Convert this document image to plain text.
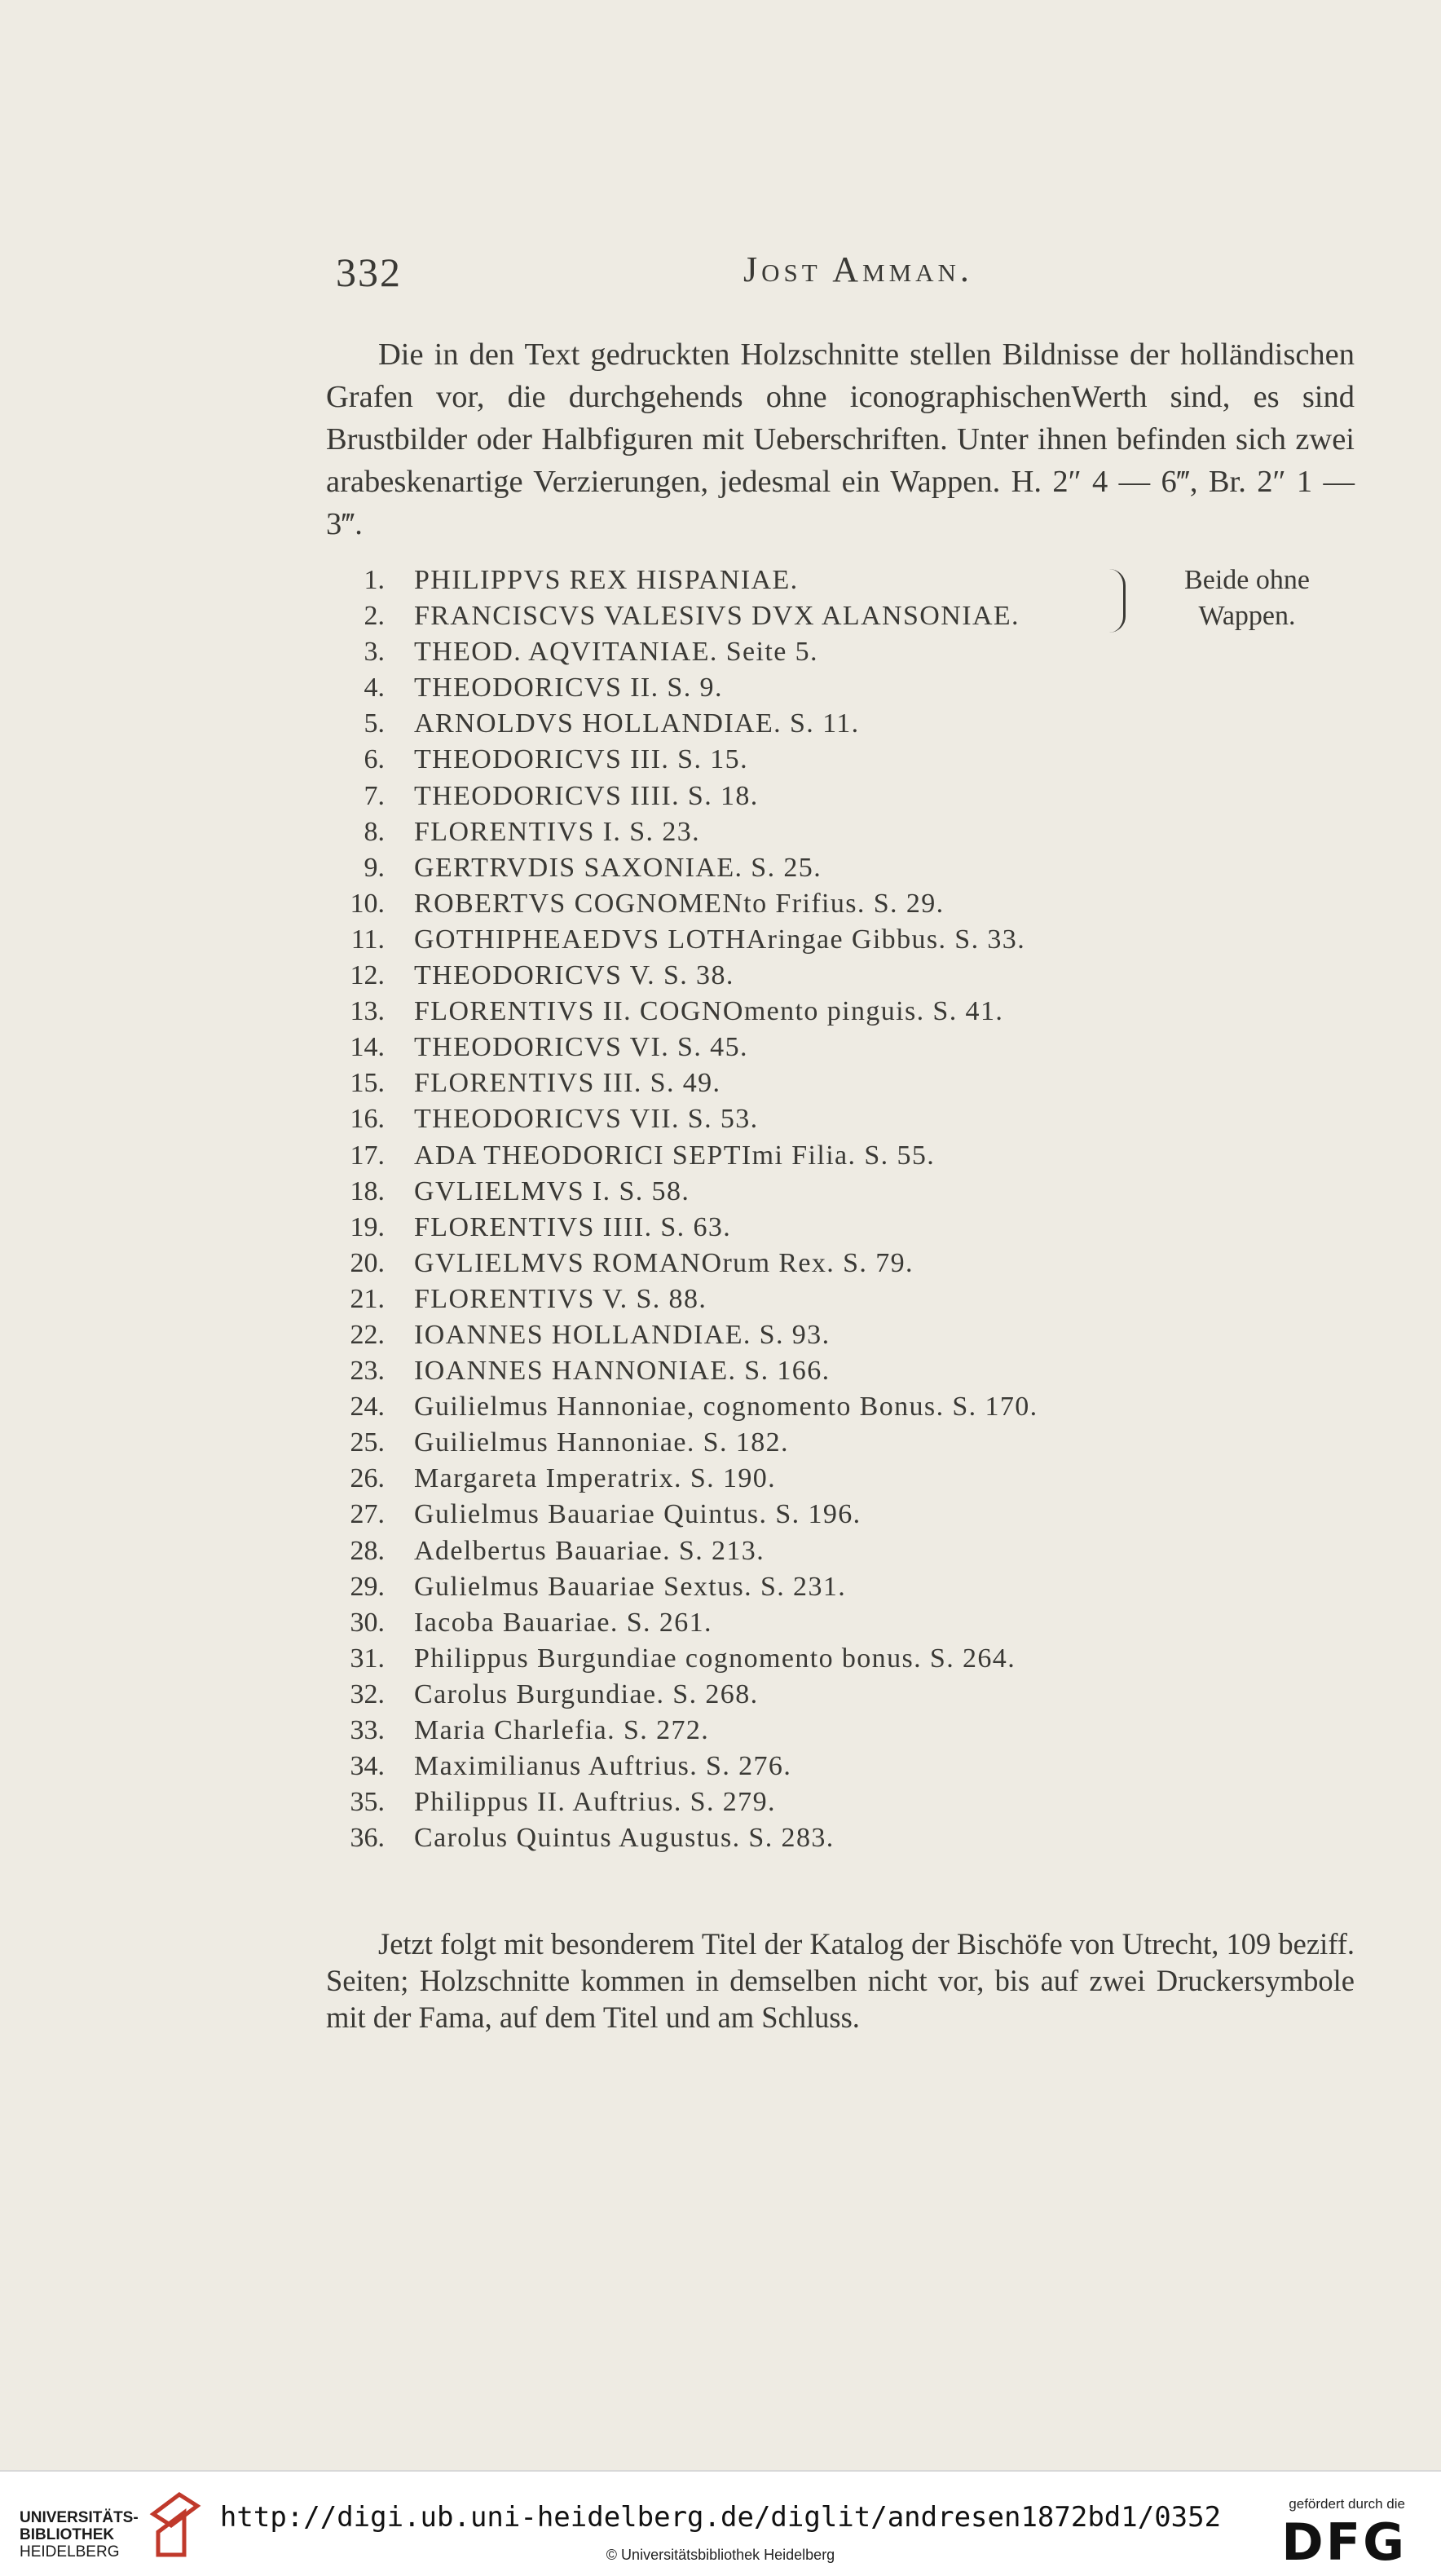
332	Jost Amman.

Die in den Text gedruckten Holzschnitte stellen Bildnisse der holländischen Grafen vor, die durchgehends ohne iconographischenWerth sind, es sind Brustbilder oder Halbfiguren mit Ueberschriften. Unter ihnen befinden sich zwei arabeskenartige Verzierungen, jedesmal ein Wappen. H. 2″ 4 — 6‴, Br. 2″ 1 — 3‴.

1. PHILIPPVS REX HISPANIAE.
2. FRANCISCVS VALESIVS DVX ALANSONIAE.
3. THEOD. AQVITANIAE. Seite 5.
4. THEODORICVS II. S. 9.
5. ARNOLDVS HOLLANDIAE. S. 11.
6. THEODORICVS III. S. 15.
7. THEODORICVS IIII. S. 18.
8. FLORENTIVS I. S. 23.
9. GERTRVDIS SAXONIAE. S. 25.
10. ROBERTVS COGNOMENto Frifius. S. 29.
11. GOTHIPHEAEDVS LOTHAringae Gibbus. S. 33.
12. THEODORICVS V. S. 38.
13. FLORENTIVS II. COGNOmento pinguis. S. 41.
14. THEODORICVS VI. S. 45.
15. FLORENTIVS III. S. 49.
16. THEODORICVS VII. S. 53.
17. ADA THEODORICI SEPTImi Filia. S. 55.
18. GVLIELMVS I. S. 58.
19. FLORENTIVS IIII. S. 63.
20. GVLIELMVS ROMANOrum Rex. S. 79.
21. FLORENTIVS V. S. 88.
22. IOANNES HOLLANDIAE. S. 93.
23. IOANNES HANNONIAE. S. 166.
24. Guilielmus Hannoniae, cognomento Bonus. S. 170.
25. Guilielmus Hannoniae. S. 182.
26. Margareta Imperatrix. S. 190.
27. Gulielmus Bauariae Quintus. S. 196.
28. Adelbertus Bauariae. S. 213.
29. Gulielmus Bauariae Sextus. S. 231.
30. Iacoba Bauariae. S. 261.
31. Philippus Burgundiae cognomento bonus. S. 264.
32. Carolus Burgundiae. S. 268.
33. Maria Charlefia. S. 272.
34. Maximilianus Auftrius. S. 276.
35. Philippus II. Auftrius. S. 279.
36. Carolus Quintus Augustus. S. 283.
Beide ohne Wappen.

Jetzt folgt mit besonderem Titel der Katalog der Bischöfe von Utrecht, 109 beziff. Seiten; Holzschnitte kommen in demselben nicht vor, bis auf zwei Druckersymbole mit der Fama, auf dem Titel und am Schluss.

UNIVERSITÄTS-
BIBLIOTHEK
HEIDELBERG
http://digi.ub.uni-heidelberg.de/diglit/andresen1872bd1/0352
© Universitätsbibliothek Heidelberg
gefördert durch die
DFG
